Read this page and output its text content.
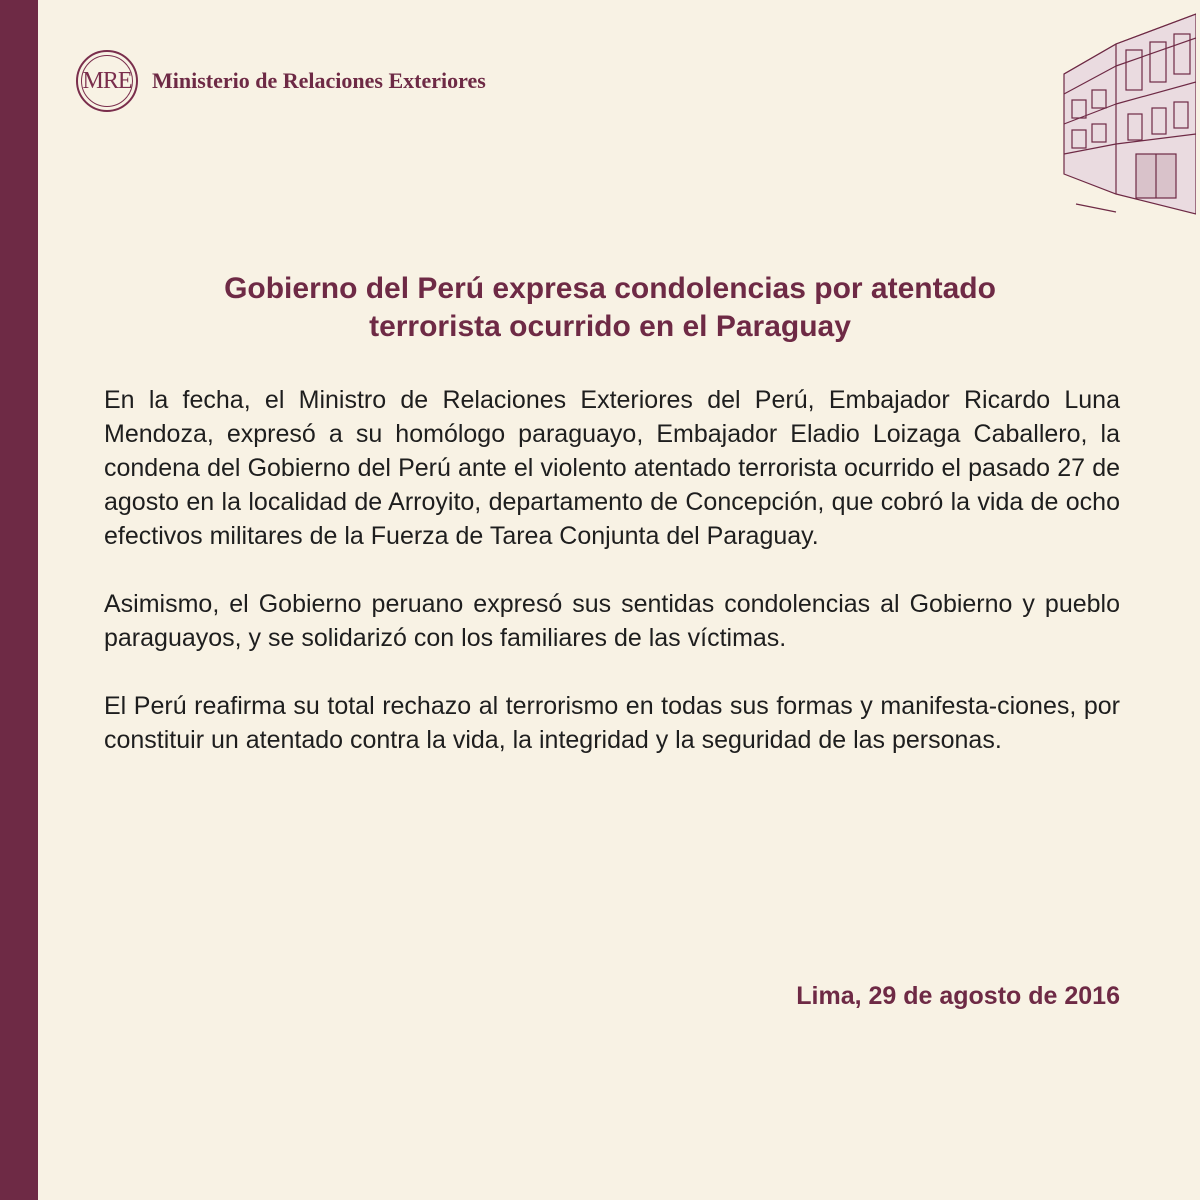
MRE Ministerio de Relaciones Exteriores
Gobierno del Perú expresa condolencias por atentado
terrorista ocurrido en el Paraguay

En la fecha, el Ministro de Relaciones Exteriores del Perú, Embajador Ricardo Luna Mendoza, expresó a su homólogo paraguayo, Embajador Eladio Loizaga Caballero, la condena del Gobierno del Perú ante el violento atentado terrorista ocurrido el pasado 27 de agosto en la localidad de Arroyito, departamento de Concepción, que cobró la vida de ocho efectivos militares de la Fuerza de Tarea Conjunta del Paraguay.

Asimismo, el Gobierno peruano expresó sus sentidas condolencias al Gobierno y pueblo paraguayos, y se solidarizó con los familiares de las víctimas.

El Perú reafirma su total rechazo al terrorismo en todas sus formas y manifesta-ciones, por constituir un atentado contra la vida, la integridad y la seguridad de las personas.

Lima, 29 de agosto de 2016
